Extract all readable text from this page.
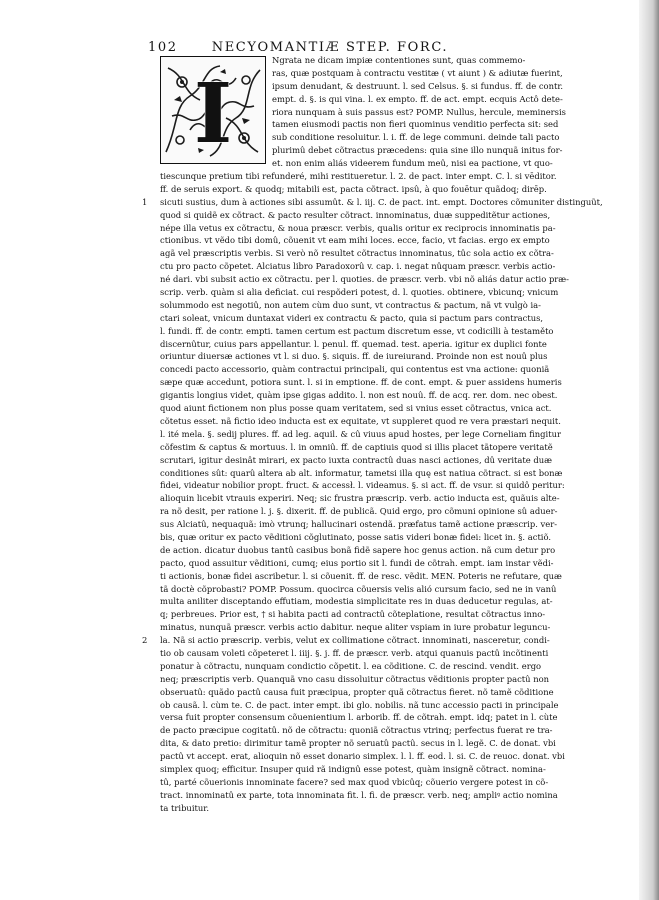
102	NECYOMANTIÆ STEP. FORC.
I
1
2
Ngrata ne dicam impiæ contentiones sunt, quas commemo-
ras, quæ postquam à contractu vestitæ ( vt aiunt ) & adiutæ fuerint,
ipsum denudant, & destruunt. l. sed Celsus. §. si fundus. ff. de contr.
empt. d. §. is qui vina. l. ex empto. ff. de act. empt. ecquis Actô dete-
riora nunquam à suis passus est? POMP. Nullus, hercule, meminersis
tamen eiusmodi pactis non fieri quominus venditio perfecta sit: sed
sub conditione resoluitur. l. i. ff. de lege communi. deinde tali pacto
plurimû debet cõtractus præcedens: quia sine illo nunquã initus for-
et. non enim aliás videerem fundum meû, nisi ea pactione, vt quo-
tiescunque pretium tibi refunderé, mihi restitueretur. l. 2. de pact. inter empt. C. l. si vēditor.
ff. de seruis export. & quodq; mitabili est, pacta cõtract. ipsû, à quo fouētur quãdoq; dirēp.
sicuti sustius, dum à actiones sibi assumût. & l. iij. C. de pact. int. empt. Doctores cõmuniter distinguũt,
quod si quidẽ ex cõtract. & pacto resulter cõtract. innominatus, duæ suppeditẽtur actiones,
népe illa vetus ex cõtractu, & noua præscr. verbis, qualis oritur ex reciprocis innominatis pa-
ctionibus. vt vẽdo tibi domû, cõuenit vt eam mihi loces. ecce, facio, vt facias. ergo ex empto
agã vel præscriptis verbis. Si verò nõ resultet cõtractus innominatus, tûc sola actio ex cõtra-
ctu pro pacto cõpetet. Alciatus libro Paradoxorû v. cap. i. negat nûquam præscr. verbis actio-
né dari. vbi subsit actio ex cõtractu. per l. quoties. de præscr. verb. vbi nõ aliás datur actio præ-
scrip. verb. quàm si alia deficiat. cui respõderi potest, d. l. quoties. obtinere, vbicunq; vnicum
solummodo est negotiû, non autem cùm duo sunt, vt contractus & pactum, nã vt vulgò ia-
ctari soleat, vnicum duntaxat videri ex contractu & pacto, quia si pactum pars contractus,
l. fundi. ff. de contr. empti. tamen certum est pactum discretum esse, vt codicilli à testaměto
discernûtur, cuius pars appellantur. l. penul. ff. quemad. test. aperia. igitur ex duplici fonte
oriuntur diuersæ actiones vt l. si duo. §. siquis. ff. de iureiurand. Proinde non est nouû plus
concedi pacto accessorio, quàm contractui principali, qui contentus est vna actione: quoniã
sæpe quæ accedunt, potiora sunt. l. si in emptione. ff. de cont. empt. & puer assidens humeris
gigantis longius videt, quàm ipse gigas addito. l. non est nouû. ff. de acq. rer. dom. nec obest.
quod aiunt fictionem non plus posse quam veritatem, sed si vnius esset cõtractus, vnica act.
cõtetus esset. nã fictio ideo inducta est ex equitate, vt suppleret quod re vera præstari nequit.
l. ité mela. §. sedij plures. ff. ad leg. aquil. & cû viuus apud hostes, per lege Corneliam fingitur
cõfestim & captus & mortuus. l. in omniû. ff. de captiuis quod si illis placet tãtopere veritatẽ
scrutari, igitur desinât mirari, ex pacto iuxta contractû duas nasci actiones, dû veritate duæ
conditiones sût: quarû altera ab alt. informatur, tametsi illa quę est natiua cõtract. si est bonæ
fidei, videatur nobilior propt. fruct. & accessł. l. videamus. §. si act. ff. de vsur. si quidô peritur:
alioquin licebit vtrauis experiri. Neq; sic frustra præscrip. verb. actio inducta est, quãuis alte-
ra nõ desit, per ratione l. j. §. dixerit. ff. de publicã. Quid ergo, pro cõmuni opinione sû aduer-
sus Alciatû, nequaquã: imò vtrunq; hallucinari ostendã. præfatus tamẽ actione præscrip. ver-
bis, quæ oritur ex pacto vẽditioni cõglutinato, posse satis videri bonæ fidei: licet in. §. actiõ.
de action. dicatur duobus tantû casibus bonã fidẽ sapere hoc genus action. nã cum detur pro
pacto, quod assuitur vẽditioni, cumq; eius portio sit l. fundi de cõtrah. empt. iam instar vẽdi-
ti actionis, bonæ fidei ascribetur. l. si cõuenit. ff. de resc. vẽdit. MEN. Poteris ne refutare, quæ
tã doctè cõprobasti? POMP. Possum. quocirca cõuersis velis alió cursum facio, sed ne in vanû
multa aniliter disceptando effutiam, modestia simplicitate res in duas deducetur regulas, at-
q; perbreues. Prior est, † si habita pacti ad contractû cõteplatione, resultat cõtractus inno-
minatus, nunquã præscr. verbis actio dabitur. neque aliter vspiam in iure probatur leguncu-
la. Nã si actio præscrip. verbis, velut ex collimatione cõtract. innominati, nasceretur, condi-
tio ob causam voleti cõpeteret l. iiij. §. j. ff. de præscr. verb. atqui quanuis pactû incõtinenti
ponatur à cõtractu, nunquam condictio cõpetit. l. ea cõditione. C. de rescind. vendit. ergo
neq; præscriptis verb. Quanquã vno casu dissoluitur cõtractus vẽditionis propter pactû non
obseruatû: quãdo pactû causa fuit præcipua, propter quã cõtractus fieret. nõ tamẽ cõditione
ob causã. l. cùm te. C. de pact. inter empt. ibi glo. nobilis. nã tunc accessio pacti in principale
versa fuit propter consensum cõuenientium l. arborib. ff. de cõtrah. empt. idq; patet in l. cùte
de pacto præcipue cogitatû. nõ de cõtractu: quoniã cõtractus vtrinq; perfectus fuerat re tra-
dita, & dato pretio: dirimitur tamẽ propter nõ seruatû pactû. secus in l. legẽ. C. de donat. vbi
pactû vt accept. erat, alioquin nõ esset donario simplex. l. l. ff. eod. l. si. C. de reuoc. donat. vbi
simplex quoq; efficitur. Insuper quid rã indignû esse potest, quàm insignẽ cõtract. nomina-
tû, parté cõuerionis innominate facere? sed max quod vbicûq; cõuerio vergere potest in cõ-
tract. innominatû ex parte, tota innominata fit. l. fi. de præscr. verb. neq; ampliꝰ actio nomina
ta tribuitur.
